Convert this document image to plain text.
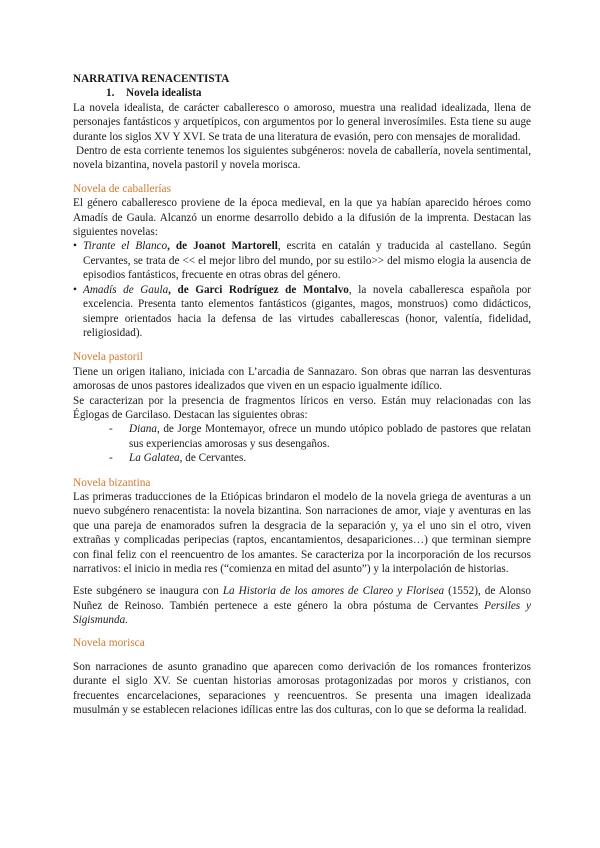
NARRATIVA RENACENTISTA

1. Novela idealista

La novela idealista, de carácter caballeresco o amoroso, muestra una realidad idealizada, llena de personajes fantásticos y arquetípicos, con argumentos por lo general inverosímiles. Esta tiene su auge durante los siglos XV Y XVI. Se trata de una literatura de evasión, pero con mensajes de moralidad.

Dentro de esta corriente tenemos los siguientes subgéneros: novela de caballería, novela sentimental, novela bizantina, novela pastoril y novela morisca.

Novela de caballerías

El género caballeresco proviene de la época medieval, en la que ya habían aparecido héroes como Amadís de Gaula. Alcanzó un enorme desarrollo debido a la difusión de la imprenta. Destacan las siguientes novelas:

• Tirante el Blanco, de Joanot Martorell, escrita en catalán y traducida al castellano. Según Cervantes, se trata de << el mejor libro del mundo, por su estilo>> del mismo elogia la ausencia de episodios fantásticos, frecuente en otras obras del género.
• Amadís de Gaula, de Garci Rodríguez de Montalvo, la novela caballeresca española por excelencia. Presenta tanto elementos fantásticos (gigantes, magos, monstruos) como didácticos, siempre orientados hacia la defensa de las virtudes caballerescas (honor, valentía, fidelidad, religiosidad).

Novela pastoril

Tiene un origen italiano, iniciada con L’arcadia de Sannazaro. Son obras que narran las desventuras amorosas de unos pastores idealizados que viven en un espacio igualmente idílico.

Se caracterizan por la presencia de fragmentos líricos en verso. Están muy relacionadas con las Églogas de Garcilaso. Destacan las siguientes obras:

- Diana, de Jorge Montemayor, ofrece un mundo utópico poblado de pastores que relatan sus experiencias amorosas y sus desengaños.
- La Galatea, de Cervantes.

Novela bizantina

Las primeras traducciones de la Etiópicas brindaron el modelo de la novela griega de aventuras a un nuevo subgénero renacentista: la novela bizantina. Son narraciones de amor, viaje y aventuras en las que una pareja de enamorados sufren la desgracia de la separación y, ya el uno sin el otro, viven extrañas y complicadas peripecias (raptos, encantamientos, desapariciones…) que terminan siempre con final feliz con el reencuentro de los amantes. Se caracteriza por la incorporación de los recursos narrativos: el inicio in media res (“comienza en mitad del asunto”) y la interpolación de historias.

Este subgénero se inaugura con La Historia de los amores de Clareo y Florisea (1552), de Alonso Nuñez de Reinoso. También pertenece a este género la obra póstuma de Cervantes Persiles y Sigismunda.

Novela morisca

Son narraciones de asunto granadino que aparecen como derivación de los romances fronterizos durante el siglo XV. Se cuentan historias amorosas protagonizadas por moros y cristianos, con frecuentes encarcelaciones, separaciones y reencuentros. Se presenta una imagen idealizada musulmán y se establecen relaciones idílicas entre las dos culturas, con lo que se deforma la realidad.
